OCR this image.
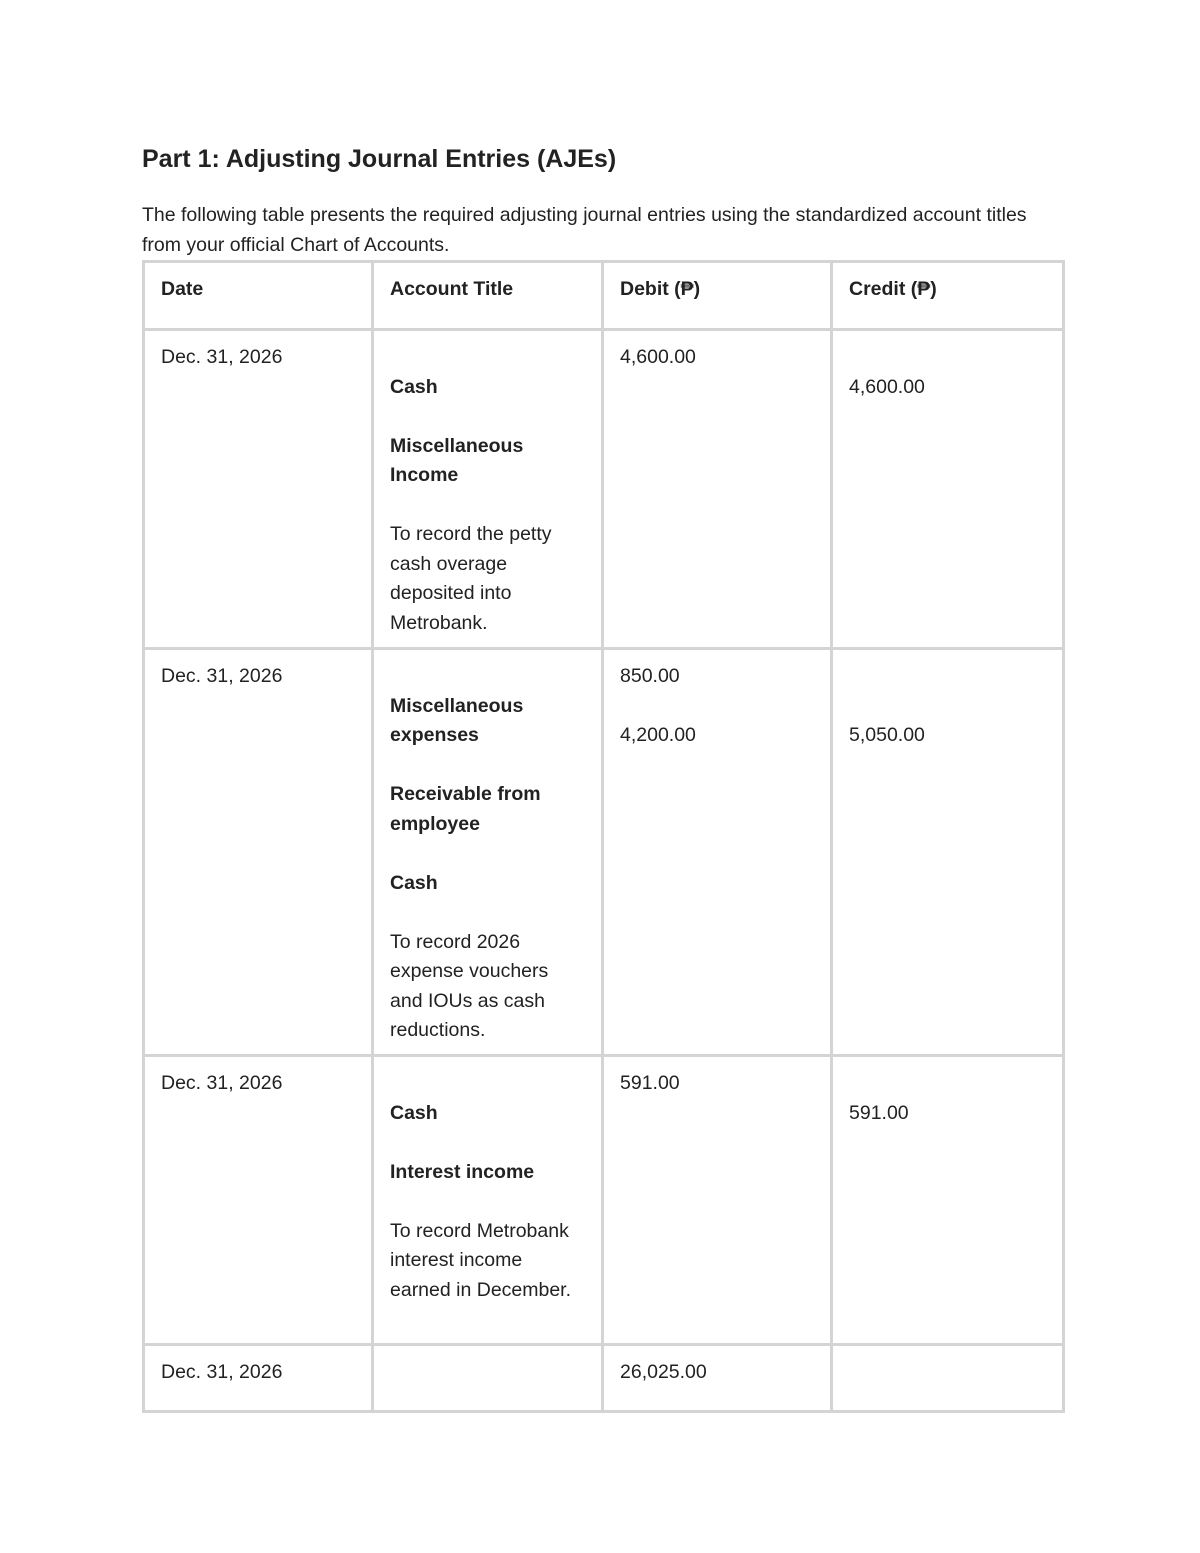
Part 1: Adjusting Journal Entries (AJEs)

The following table presents the required adjusting journal entries using the standardized account titles from your official Chart of Accounts.

Date	Account Title	Debit (₱)	Credit (₱)
Dec. 31, 2026	Cash
Miscellaneous Income
To record the petty cash overage deposited into Metrobank.	4,600.00	4,600.00

Dec. 31, 2026	Miscellaneous expenses
Receivable from employee
Cash
To record 2026 expense vouchers and IOUs as cash reductions.	850.00
4,200.00	5,050.00

Dec. 31, 2026	Cash
Interest income
To record Metrobank interest income earned in December.	591.00	591.00

Dec. 31, 2026		26,025.00	
